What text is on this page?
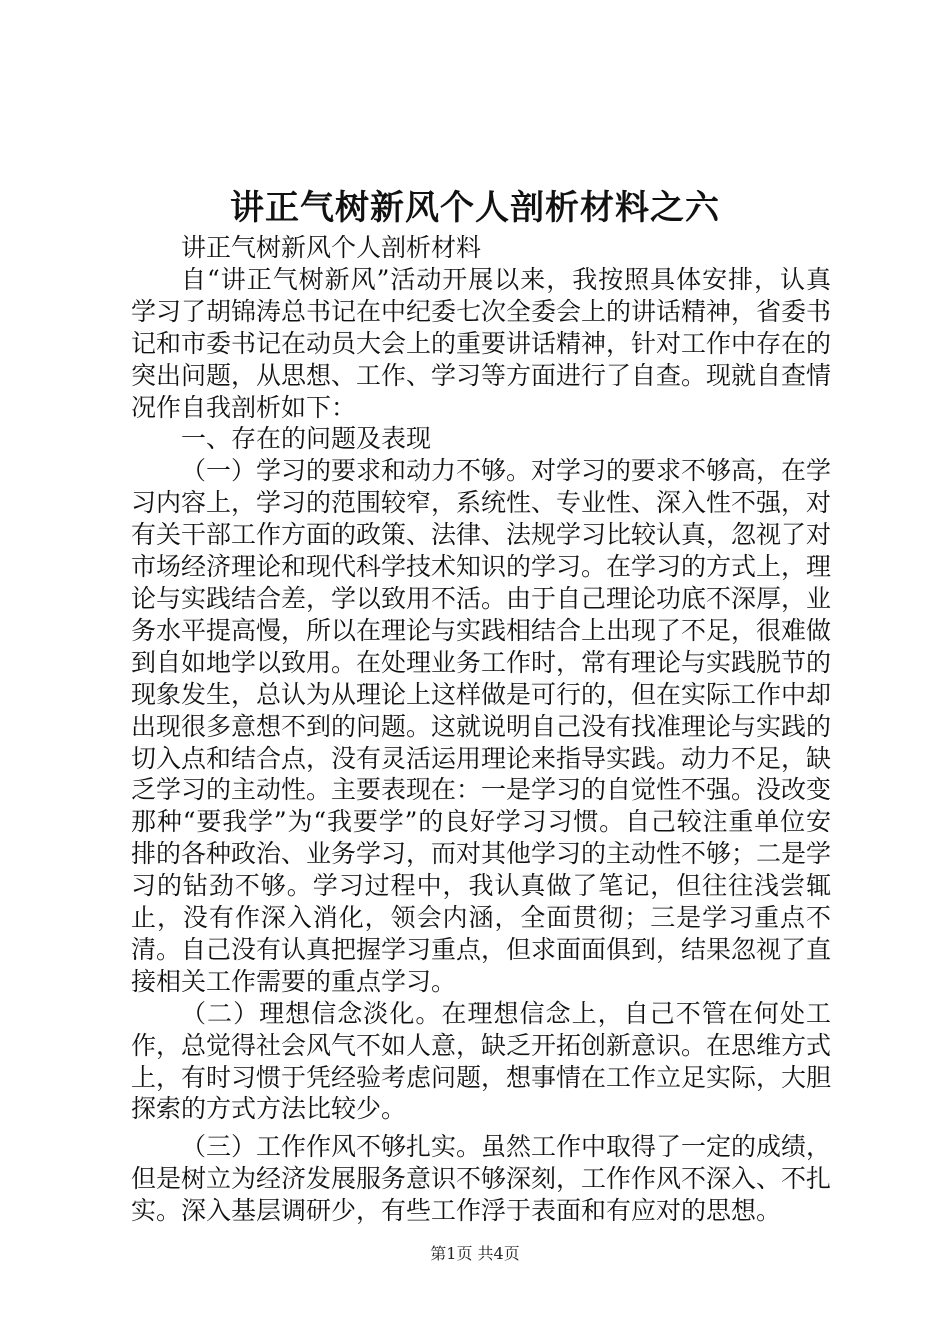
讲正气树新风个人剖析材料之六

讲正气树新风个人剖析材料

自“讲正气树新风”活动开展以来，我按照具体安排，认真学习了胡锦涛总书记在中纪委七次全委会上的讲话精神，省委书记和市委书记在动员大会上的重要讲话精神，针对工作中存在的突出问题，从思想、工作、学习等方面进行了自查。现就自查情况作自我剖析如下：

一、存在的问题及表现

（一）学习的要求和动力不够。对学习的要求不够高，在学习内容上，学习的范围较窄，系统性、专业性、深入性不强，对有关干部工作方面的政策、法律、法规学习比较认真，忽视了对市场经济理论和现代科学技术知识的学习。在学习的方式上，理论与实践结合差，学以致用不活。由于自己理论功底不深厚，业务水平提高慢，所以在理论与实践相结合上出现了不足，很难做到自如地学以致用。在处理业务工作时，常有理论与实践脱节的现象发生，总认为从理论上这样做是可行的，但在实际工作中却出现很多意想不到的问题。这就说明自己没有找准理论与实践的切入点和结合点，没有灵活运用理论来指导实践。动力不足，缺乏学习的主动性。主要表现在：一是学习的自觉性不强。没改变那种“要我学”为“我要学”的良好学习习惯。自己较注重单位安排的各种政治、业务学习，而对其他学习的主动性不够；二是学习的钻劲不够。学习过程中，我认真做了笔记，但往往浅尝辄止，没有作深入消化，领会内涵，全面贯彻；三是学习重点不清。自己没有认真把握学习重点，但求面面俱到，结果忽视了直接相关工作需要的重点学习。

（二）理想信念淡化。在理想信念上，自己不管在何处工作，总觉得社会风气不如人意，缺乏开拓创新意识。在思维方式上，有时习惯于凭经验考虑问题，想事情在工作立足实际，大胆探索的方式方法比较少。

（三）工作作风不够扎实。虽然工作中取得了一定的成绩，但是树立为经济发展服务意识不够深刻，工作作风不深入、不扎实。深入基层调研少，有些工作浮于表面和有应对的思想。

第1页 共4页
